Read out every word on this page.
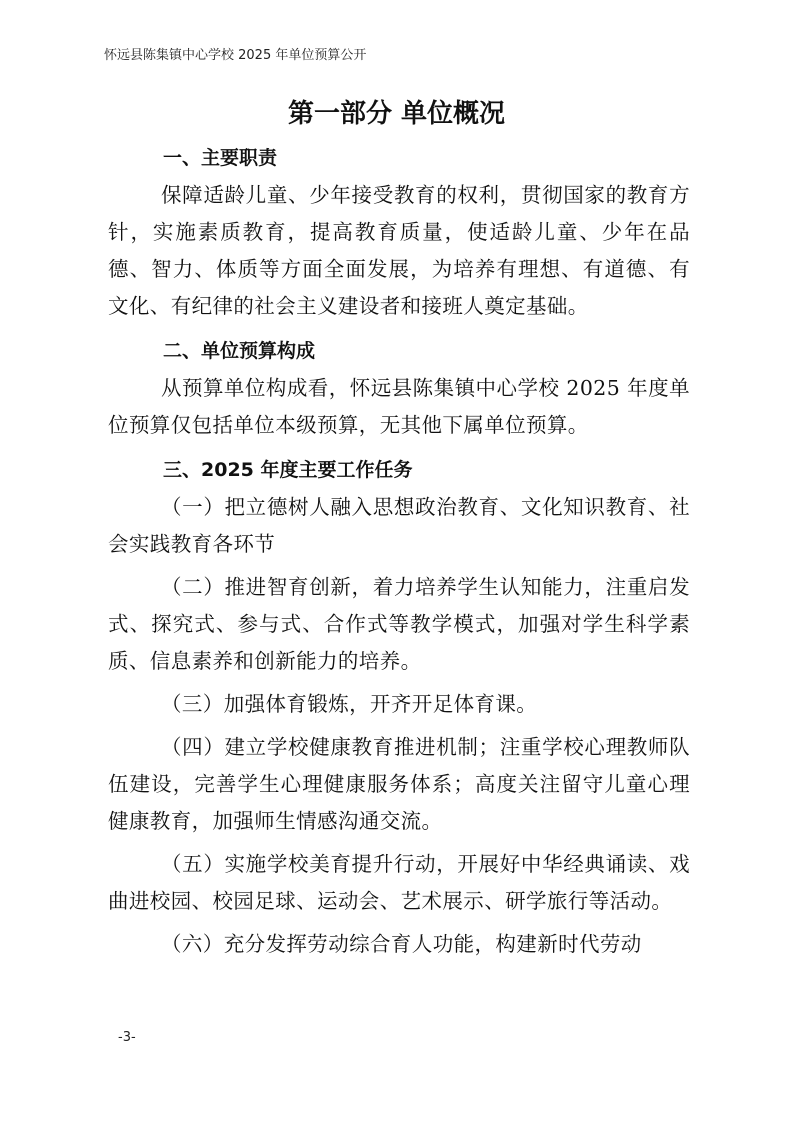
怀远县陈集镇中心学校 2025 年单位预算公开
第一部分 单位概况
一、主要职责

保障适龄儿童、少年接受教育的权利，贯彻国家的教育方针，实施素质教育，提高教育质量，使适龄儿童、少年在品德、智力、体质等方面全面发展，为培养有理想、有道德、有文化、有纪律的社会主义建设者和接班人奠定基础。

二、单位预算构成

从预算单位构成看，怀远县陈集镇中心学校 2025 年度单位预算仅包括单位本级预算，无其他下属单位预算。

三、2025 年度主要工作任务

（一）把立德树人融入思想政治教育、文化知识教育、社会实践教育各环节

（二）推进智育创新，着力培养学生认知能力，注重启发式、探究式、参与式、合作式等教学模式，加强对学生科学素质、信息素养和创新能力的培养。

（三）加强体育锻炼，开齐开足体育课。

（四）建立学校健康教育推进机制；注重学校心理教师队伍建设，完善学生心理健康服务体系；高度关注留守儿童心理健康教育，加强师生情感沟通交流。

（五）实施学校美育提升行动，开展好中华经典诵读、戏曲进校园、校园足球、运动会、艺术展示、研学旅行等活动。

（六）充分发挥劳动综合育人功能，构建新时代劳动

-3-
